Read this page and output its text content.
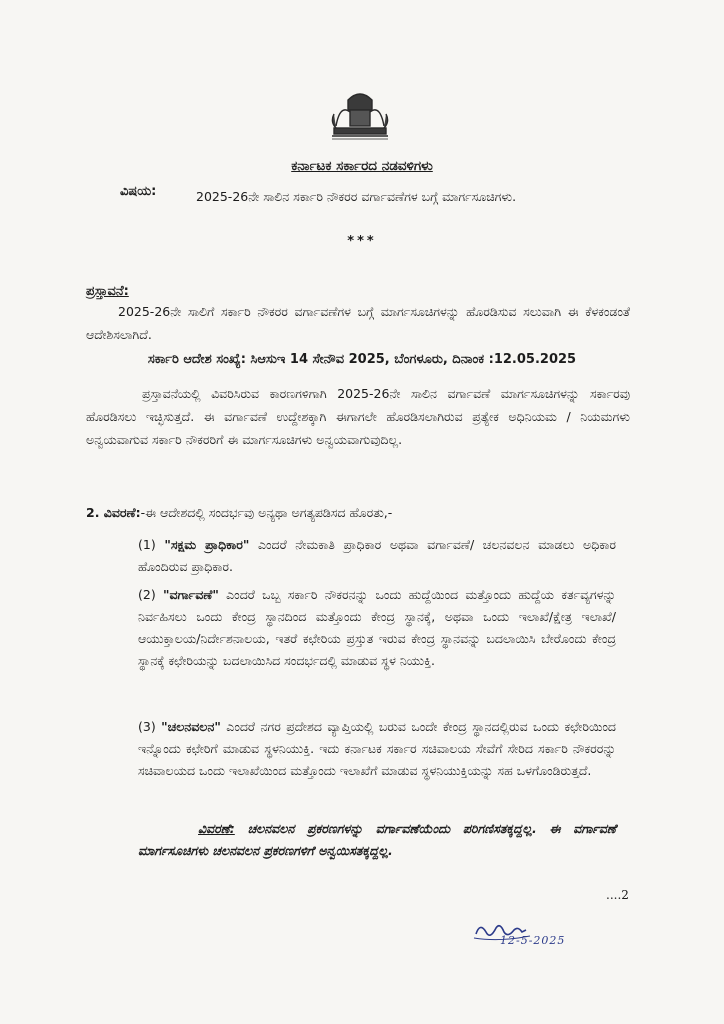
ಕರ್ನಾಟಕ ಸರ್ಕಾರದ ನಡವಳಿಗಳು
ವಿಷಯ:	2025-26ನೇ ಸಾಲಿನ ಸರ್ಕಾರಿ ನೌಕರರ ವರ್ಗಾವಣೆಗಳ ಬಗ್ಗೆ ಮಾರ್ಗಸೂಚಿಗಳು.
***
ಪ್ರಸ್ತಾವನೆ:
2025-26ನೇ ಸಾಲಿಗೆ ಸರ್ಕಾರಿ ನೌಕರರ ವರ್ಗಾವಣೆಗಳ ಬಗ್ಗೆ ಮಾರ್ಗಸೂಚಿಗಳನ್ನು ಹೊರಡಿಸುವ ಸಲುವಾಗಿ ಈ ಕೆಳಕಂಡಂತೆ ಆದೇಶಿಸಲಾಗಿದೆ.
ಸರ್ಕಾರಿ ಆದೇಶ ಸಂಖ್ಯೆ: ಸಿಆಸುಇ 14 ಸೇನೌವ 2025, ಬೆಂಗಳೂರು, ದಿನಾಂಕ :12.05.2025
ಪ್ರಸ್ತಾವನೆಯಲ್ಲಿ ವಿವರಿಸಿರುವ ಕಾರಣಗಳಿಗಾಗಿ 2025-26ನೇ ಸಾಲಿನ ವರ್ಗಾವಣೆ ಮಾರ್ಗಸೂಚಿಗಳನ್ನು ಸರ್ಕಾರವು ಹೊರಡಿಸಲು ಇಚ್ಛಿಸುತ್ತದೆ. ಈ ವರ್ಗಾವಣೆ ಉದ್ದೇಶಕ್ಕಾಗಿ ಈಗಾಗಲೇ ಹೊರಡಿಸಲಾಗಿರುವ ಪ್ರತ್ಯೇಕ ಅಧಿನಿಯಮ / ನಿಯಮಗಳು ಅನ್ವಯವಾಗುವ ಸರ್ಕಾರಿ ನೌಕರರಿಗೆ ಈ ಮಾರ್ಗಸೂಚಿಗಳು ಅನ್ವಯವಾಗುವುದಿಲ್ಲ.
2. ವಿವರಣೆ:-ಈ ಆದೇಶದಲ್ಲಿ ಸಂದರ್ಭವು ಅನ್ಯಥಾ ಅಗತ್ಯಪಡಿಸದ ಹೊರತು,-
(1) "ಸಕ್ಷಮ ಪ್ರಾಧಿಕಾರ" ಎಂದರೆ ನೇಮಕಾತಿ ಪ್ರಾಧಿಕಾರ ಅಥವಾ ವರ್ಗಾವಣೆ/ ಚಲನವಲನ ಮಾಡಲು ಅಧಿಕಾರ ಹೊಂದಿರುವ ಪ್ರಾಧಿಕಾರ.
(2) "ವರ್ಗಾವಣೆ" ಎಂದರೆ ಒಬ್ಬ ಸರ್ಕಾರಿ ನೌಕರನನ್ನು ಒಂದು ಹುದ್ದೆಯಿಂದ ಮತ್ತೊಂದು ಹುದ್ದೆಯ ಕರ್ತವ್ಯಗಳನ್ನು ನಿರ್ವಹಿಸಲು ಒಂದು ಕೇಂದ್ರ ಸ್ಥಾನದಿಂದ ಮತ್ತೊಂದು ಕೇಂದ್ರ ಸ್ಥಾನಕ್ಕೆ, ಅಥವಾ ಒಂದು ಇಲಾಖೆ/ಕ್ಷೇತ್ರ ಇಲಾಖೆ/ ಆಯುಕ್ತಾಲಯ/ನಿರ್ದೇಶನಾಲಯ, ಇತರೆ ಕಛೇರಿಯ ಪ್ರಸ್ತುತ ಇರುವ ಕೇಂದ್ರ ಸ್ಥಾನವನ್ನು ಬದಲಾಯಿಸಿ ಬೇರೊಂದು ಕೇಂದ್ರ ಸ್ಥಾನಕ್ಕೆ ಕಛೇರಿಯನ್ನು ಬದಲಾಯಿಸಿದ ಸಂದರ್ಭದಲ್ಲಿ ಮಾಡುವ ಸ್ಥಳ ನಿಯುಕ್ತಿ.
(3) "ಚಲನವಲನ" ಎಂದರೆ ನಗರ ಪ್ರದೇಶದ ವ್ಯಾಪ್ತಿಯಲ್ಲಿ ಬರುವ ಒಂದೇ ಕೇಂದ್ರ ಸ್ಥಾನದಲ್ಲಿರುವ ಒಂದು ಕಛೇರಿಯಿಂದ ಇನ್ನೊಂದು ಕಛೇರಿಗೆ ಮಾಡುವ ಸ್ಥಳನಿಯುಕ್ತಿ. ಇದು ಕರ್ನಾಟಕ ಸರ್ಕಾರ ಸಚಿವಾಲಯ ಸೇವೆಗೆ ಸೇರಿದ ಸರ್ಕಾರಿ ನೌಕರರನ್ನು ಸಚಿವಾಲಯದ ಒಂದು ಇಲಾಖೆಯಿಂದ ಮತ್ತೊಂದು ಇಲಾಖೆಗೆ ಮಾಡುವ ಸ್ಥಳನಿಯುಕ್ತಿಯನ್ನು ಸಹ ಒಳಗೊಂಡಿರುತ್ತದೆ.
ವಿವರಣೆ: ಚಲನವಲನ ಪ್ರಕರಣಗಳನ್ನು ವರ್ಗಾವಣೆಯೆಂದು ಪರಿಗಣಿಸತಕ್ಕದ್ದಲ್ಲ. ಈ ವರ್ಗಾವಣೆ ಮಾರ್ಗಸೂಚಿಗಳು ಚಲನವಲನ ಪ್ರಕರಣಗಳಿಗೆ ಅನ್ವಯಿಸತಕ್ಕದ್ದಲ್ಲ.
....2
12-5-2025
